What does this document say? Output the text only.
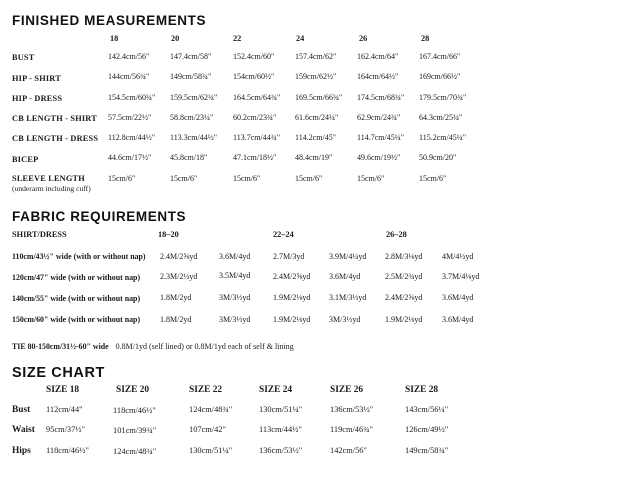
FINISHED MEASUREMENTS
18	20	22	24	26	28
BUST	142.4cm/56"	147.4cm/58"	152.4cm/60"	157.4cm/62"	162.4cm/64"	167.4cm/66"
HIP - SHIRT	144cm/56¾"	149cm/58¾"	154cm/60½"	159cm/62½"	164cm/64½"	169cm/66½"
HIP - DRESS	154.5cm/60¾" 159.5cm/62¾" 164.5cm/64¾" 169.5cm/66¾" 174.5cm/68¾" 179.5cm/70¾"
CB LENGTH - SHIRT 57.5cm/22½" 58.8cm/23¼" 60.2cm/23¾" 61.6cm/24¼" 62.9cm/24¾" 64.3cm/25¼"
CB LENGTH - DRESS 112.8cm/44½" 113.3cm/44½" 113.7cm/44¾" 114.2cm/45"	114.7cm/45¼" 115.2cm/45¼"
BICEP	44.6cm/17½" 45.8cm/18"	47.1cm/18½" 48.4cm/19"	49.6cm/19½" 50.9cm/20"
SLEEVE LENGTH
(underarm including cuff)
15cm/6"	15cm/6"	15cm/6"	15cm/6"	15cm/6"	15cm/6"
FABRIC REQUIREMENTS
SHIRT/DRESS	18–20	22–24	26–28
110cm/43½" wide (with or without nap) 2.4M/2⅝yd	3.6M/4yd	2.7M/3yd	3.9M/4¼yd 2.8M/3⅛yd 4M/4½yd
120cm/47" wide (with or without nap) 2.3M/2½yd	3.5M/4yd	2.4M/2⅝yd 3.6M/4yd	2.5M/2¾yd 3.7M/4⅛yd
140cm/55" wide (with or without nap) 1.8M/2yd	3M/3⅓yd	1.9M/2⅛yd 3.1M/3⅓yd 2.4M/2⅝yd 3.6M/4yd
150cm/60" wide (with or without nap) 1.8M/2yd	3M/3⅓yd	1.9M/2⅛yd 3M/3⅓yd	1.9M/2⅛yd 3.6M/4yd
TIE 80-150cm/31½-60" wide 0.8M/1yd (self lined) or 0.8M/1yd each of self & lining
SIZE CHART
SIZE 18	SIZE 20	SIZE 22	SIZE 24	SIZE 26	SIZE 28
Bust 112cm/44"	118cm/46½"	124cm/48¾"	130cm/51¼"	136cm/53½"	143cm/56¼"
Waist 95cm/37½"	101cm/39¾"	107cm/42"	113cm/44½"	119cm/46¾"	126cm/49½"
Hips 118cm/46½"	124cm/48¾"	130cm/51¼"	136cm/53½"	142cm/56"	149cm/58¾"
